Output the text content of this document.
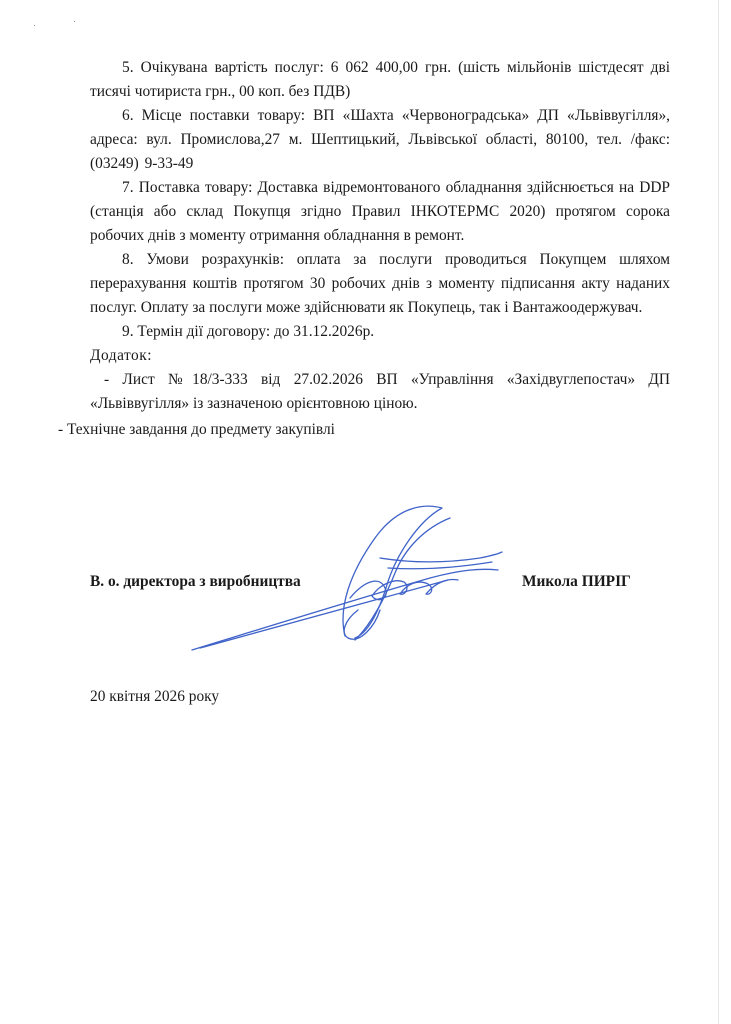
5. Очікувана вартість послуг: 6 062 400,00 грн. (шість мільйонів шістдесят дві тисячі чотириста грн., 00 коп. без ПДВ)

6. Місце поставки товару: ВП «Шахта «Червоноградська» ДП «Львіввугілля», адреса: вул. Промислова,27 м. Шептицький, Львівської області, 80100, тел. /факс: (03249) 9-33-49

7. Поставка товару: Доставка відремонтованого обладнання здійснюється на DDP (станція або склад Покупця згідно Правил ІНКОТЕРМС 2020) протягом сорока робочих днів з моменту отримання обладнання в ремонт.

8. Умови розрахунків: оплата за послуги проводиться Покупцем шляхом перерахування коштів протягом 30 робочих днів з моменту підписання акту наданих послуг. Оплату за послуги може здійснювати як Покупець, так і Вантажоодержувач.

9. Термін дії договору: до 31.12.2026р.

Додаток:

- Лист №18/3-333 від 27.02.2026 ВП «Управління «Західвуглепостач» ДП «Львіввугілля» із зазначеною орієнтовною ціною.

- Технічне завдання до предмету закупівлі
В. о. директора з виробництва	Микола ПИРІГ
20 квітня 2026 року
